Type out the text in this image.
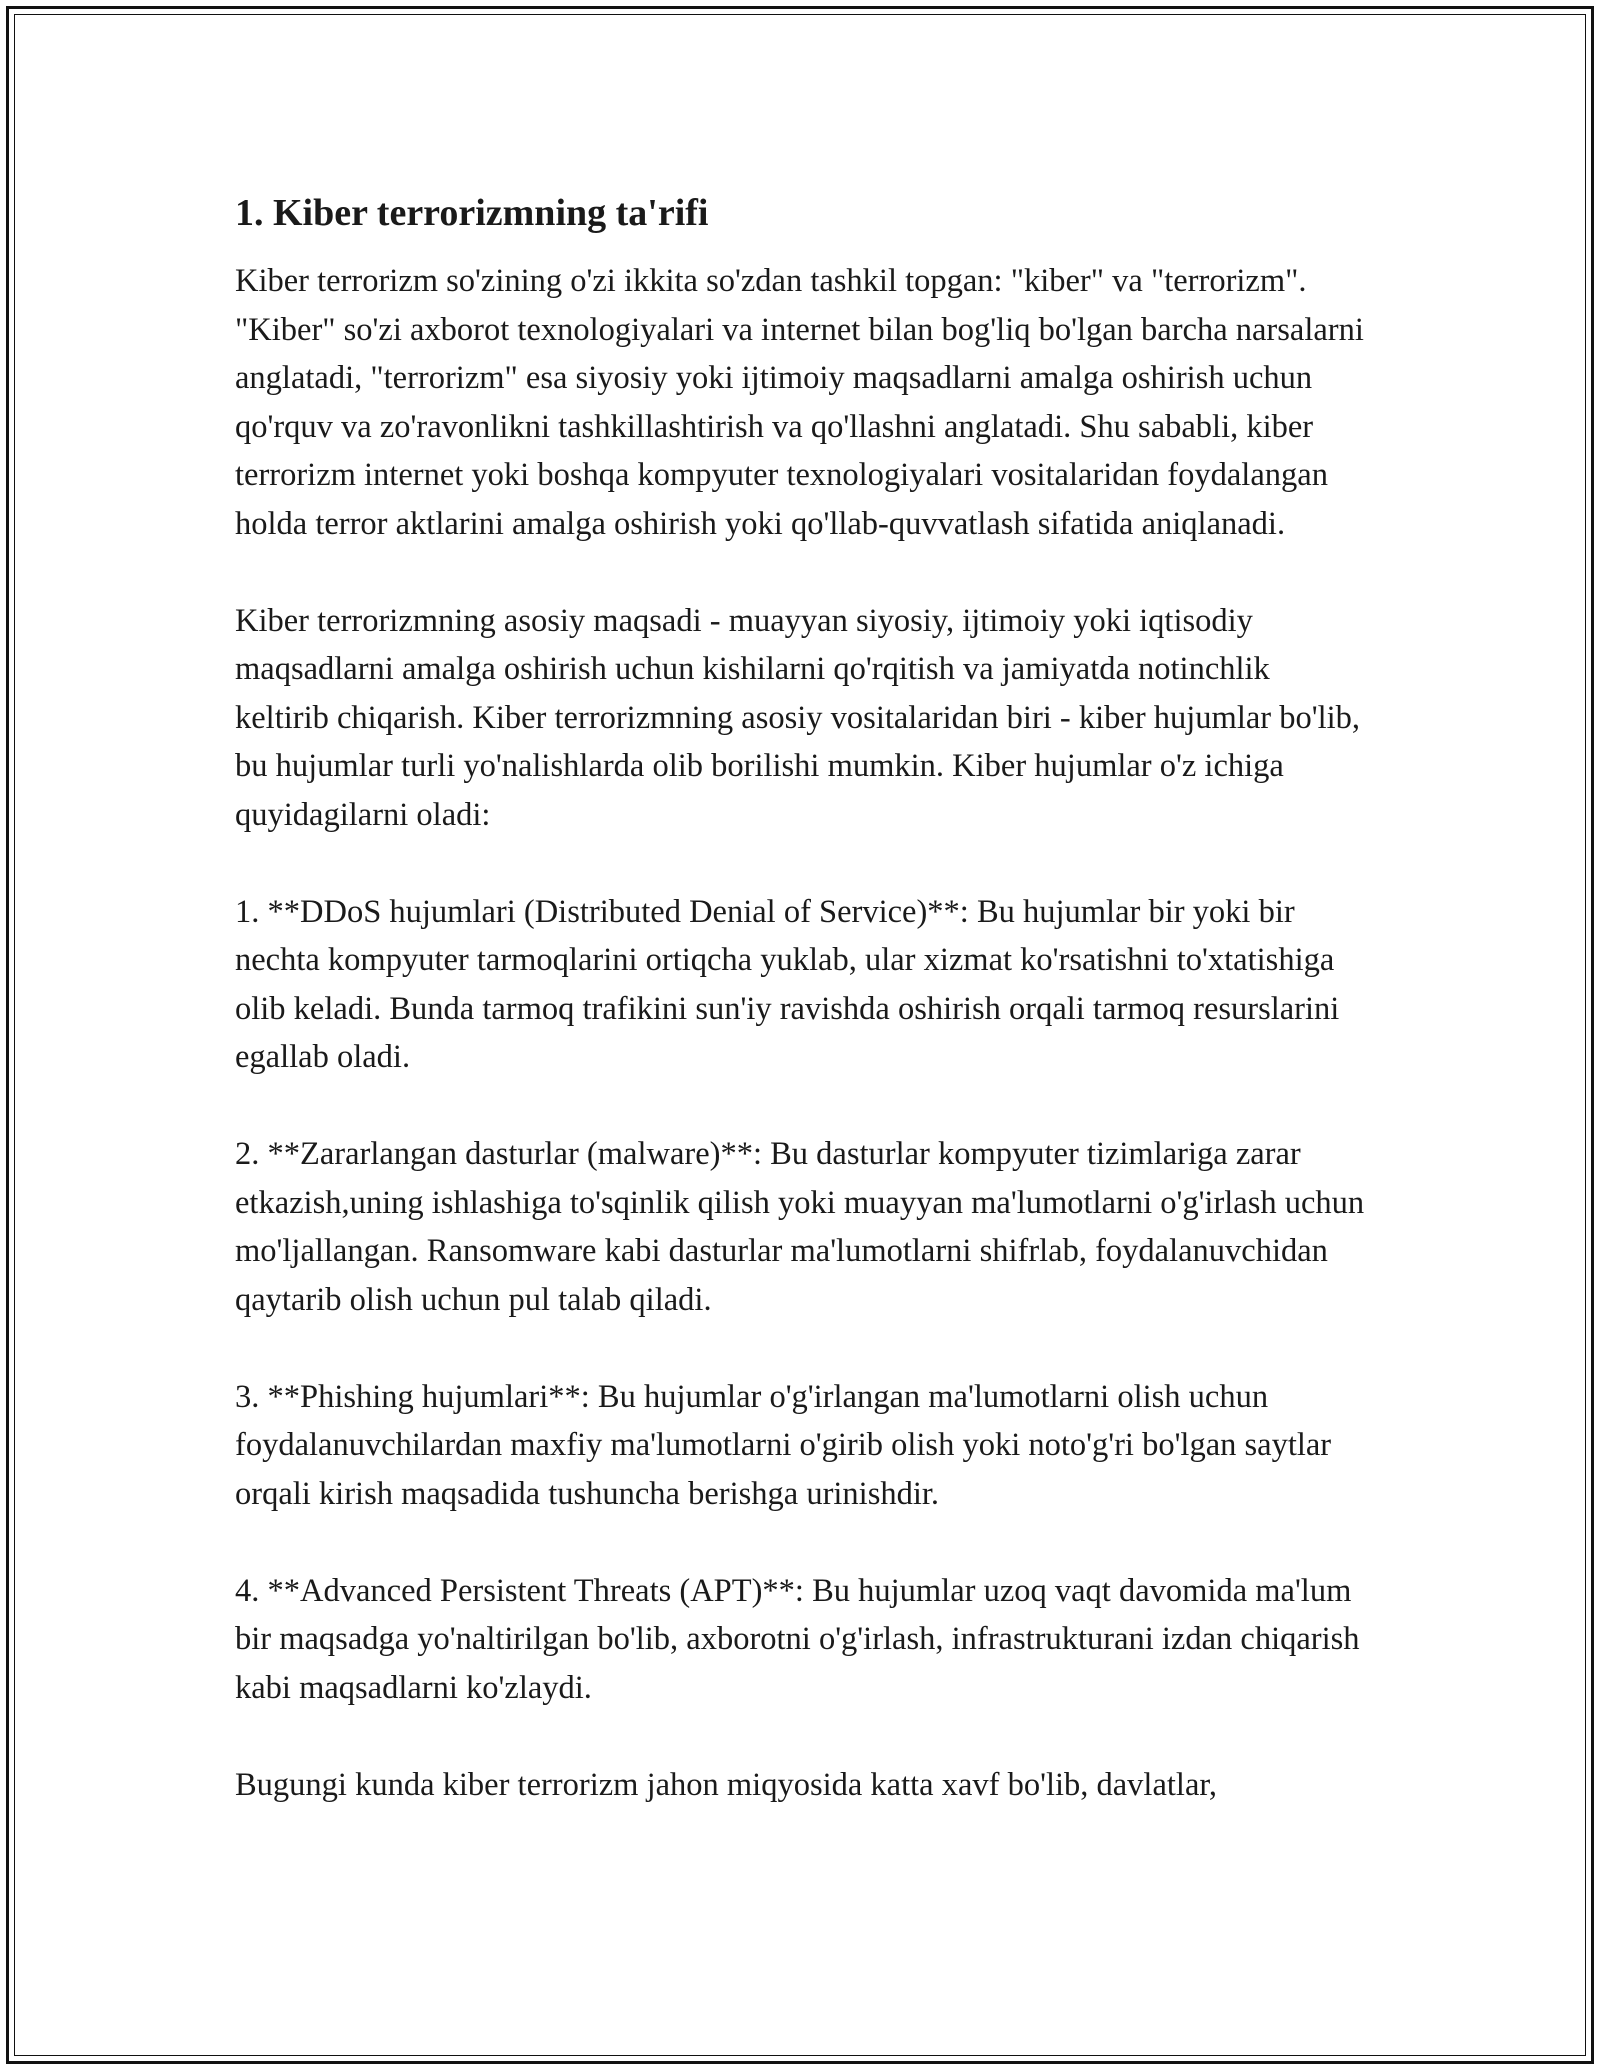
1. Kiber terrorizmning ta'rifi

Kiber terrorizm so'zining o'zi ikkita so'zdan tashkil topgan: "kiber" va "terrorizm". "Kiber" so'zi axborot texnologiyalari va internet bilan bog'liq bo'lgan barcha narsalarni anglatadi, "terrorizm" esa siyosiy yoki ijtimoiy maqsadlarni amalga oshirish uchun qo'rquv va zo'ravonlikni tashkillashtirish va qo'llashni anglatadi. Shu sababli, kiber terrorizm internet yoki boshqa kompyuter texnologiyalari vositalaridan foydalangan holda terror aktlarini amalga oshirish yoki qo'llab-quvvatlash sifatida aniqlanadi.

Kiber terrorizmning asosiy maqsadi - muayyan siyosiy, ijtimoiy yoki iqtisodiy maqsadlarni amalga oshirish uchun kishilarni qo'rqitish va jamiyatda notinchlik keltirib chiqarish. Kiber terrorizmning asosiy vositalaridan biri - kiber hujumlar bo'lib, bu hujumlar turli yo'nalishlarda olib borilishi mumkin. Kiber hujumlar o'z ichiga quyidagilarni oladi:

1. **DDoS hujumlari (Distributed Denial of Service)**: Bu hujumlar bir yoki bir nechta kompyuter tarmoqlarini ortiqcha yuklab, ular xizmat ko'rsatishni to'xtatishiga olib keladi. Bunda tarmoq trafikini sun'iy ravishda oshirish orqali tarmoq resurslarini egallab oladi.

2. **Zararlangan dasturlar (malware)**: Bu dasturlar kompyuter tizimlariga zarar etkazish,uning ishlashiga to'sqinlik qilish yoki muayyan ma'lumotlarni o'g'irlash uchun mo'ljallangan. Ransomware kabi dasturlar ma'lumotlarni shifrlab, foydalanuvchidan qaytarib olish uchun pul talab qiladi.

3. **Phishing hujumlari**: Bu hujumlar o'g'irlangan ma'lumotlarni olish uchun foydalanuvchilardan maxfiy ma'lumotlarni o'girib olish yoki noto'g'ri bo'lgan saytlar orqali kirish maqsadida tushuncha berishga urinishdir.

4. **Advanced Persistent Threats (APT)**: Bu hujumlar uzoq vaqt davomida ma'lum bir maqsadga yo'naltirilgan bo'lib, axborotni o'g'irlash, infrastrukturani izdan chiqarish kabi maqsadlarni ko'zlaydi.

Bugungi kunda kiber terrorizm jahon miqyosida katta xavf bo'lib, davlatlar,
